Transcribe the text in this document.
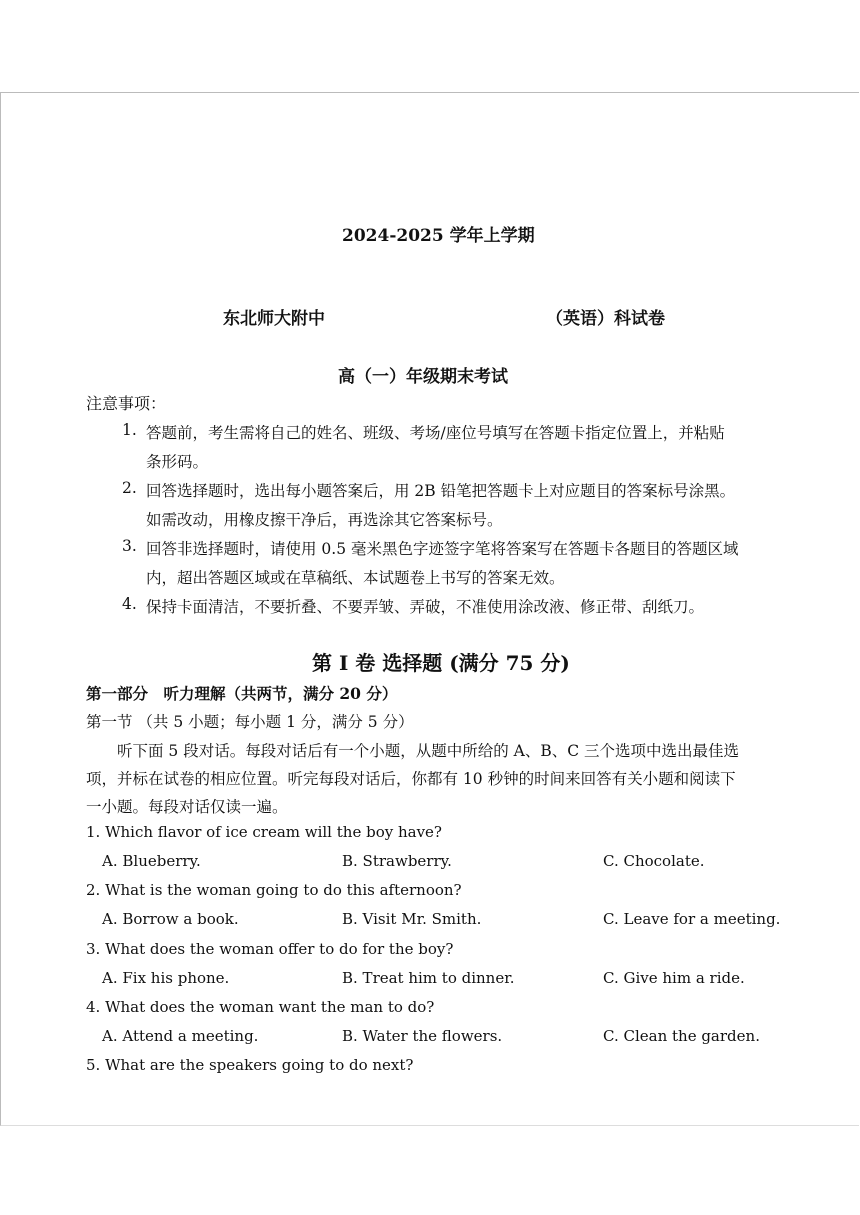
2024-2025 学年上学期
东北师大附中	（英语）科试卷
高（一）年级期末考试
注意事项：
1. 答题前，考生需将自己的姓名、班级、考场/座位号填写在答题卡指定位置上，并粘贴
条形码。
2. 回答选择题时，选出每小题答案后，用 2B 铅笔把答题卡上对应题目的答案标号涂黑。
如需改动，用橡皮擦干净后，再选涂其它答案标号。
3. 回答非选择题时，请使用 0.5 毫米黑色字迹签字笔将答案写在答题卡各题目的答题区域
内，超出答题区域或在草稿纸、本试题卷上书写的答案无效。
4. 保持卡面清洁，不要折叠、不要弄皱、弄破，不准使用涂改液、修正带、刮纸刀。
第 I 卷 选择题 (满分 75 分)
第一部分　听力理解（共两节，满分 20 分）
第一节 （共 5 小题；每小题 1 分，满分 5 分）
听下面 5 段对话。每段对话后有一个小题，从题中所给的 A、B、C 三个选项中选出最佳选
项，并标在试卷的相应位置。听完每段对话后，你都有 10 秒钟的时间来回答有关小题和阅读下
一小题。每段对话仅读一遍。
1. Which flavor of ice cream will the boy have?
A. Blueberry.	B. Strawberry.	C. Chocolate.
2. What is the woman going to do this afternoon?
A. Borrow a book.	B. Visit Mr. Smith.	C. Leave for a meeting.
3. What does the woman offer to do for the boy?
A. Fix his phone.	B. Treat him to dinner.	C. Give him a ride.
4. What does the woman want the man to do?
A. Attend a meeting.	B. Water the flowers.	C. Clean the garden.
5. What are the speakers going to do next?
